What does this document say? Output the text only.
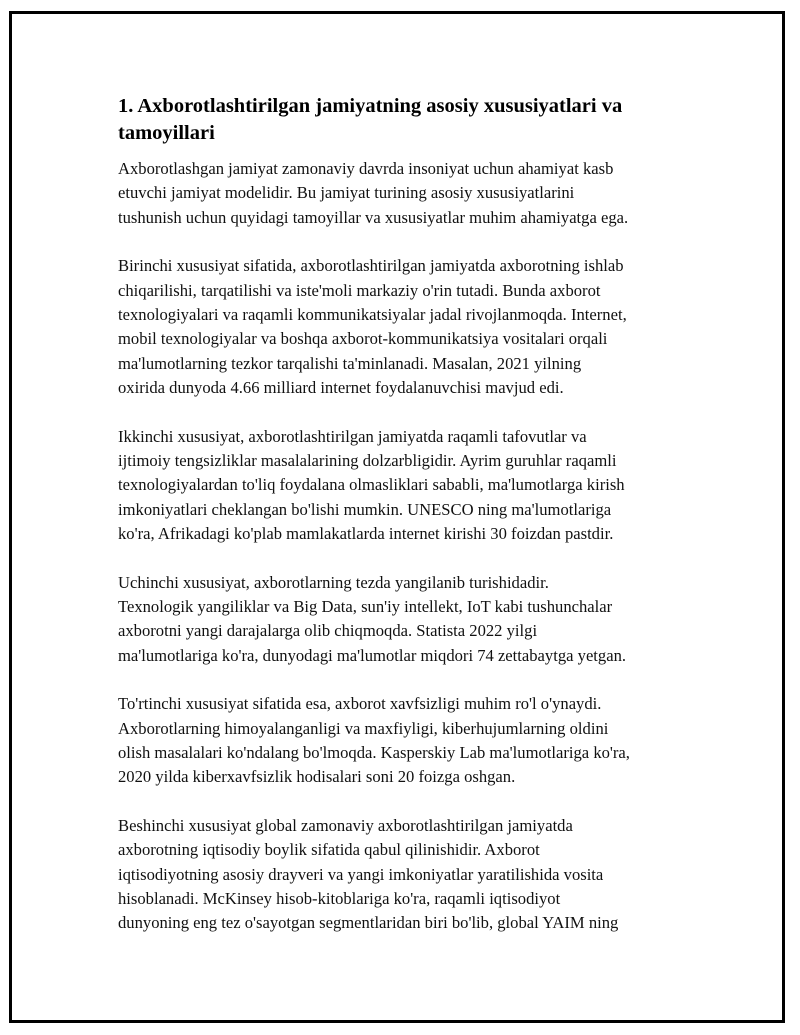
1. Axborotlashtirilgan jamiyatning asosiy xususiyatlari va
tamoyillari

Axborotlashgan jamiyat zamonaviy davrda insoniyat uchun ahamiyat kasb
etuvchi jamiyat modelidir. Bu jamiyat turining asosiy xususiyatlarini
tushunish uchun quyidagi tamoyillar va xususiyatlar muhim ahamiyatga ega.

Birinchi xususiyat sifatida, axborotlashtirilgan jamiyatda axborotning ishlab
chiqarilishi, tarqatilishi va iste'moli markaziy o'rin tutadi. Bunda axborot
texnologiyalari va raqamli kommunikatsiyalar jadal rivojlanmoqda. Internet,
mobil texnologiyalar va boshqa axborot-kommunikatsiya vositalari orqali
ma'lumotlarning tezkor tarqalishi ta'minlanadi. Masalan, 2021 yilning
oxirida dunyoda 4.66 milliard internet foydalanuvchisi mavjud edi.

Ikkinchi xususiyat, axborotlashtirilgan jamiyatda raqamli tafovutlar va
ijtimoiy tengsizliklar masalalarining dolzarbligidir. Ayrim guruhlar raqamli
texnologiyalardan to'liq foydalana olmasliklari sababli, ma'lumotlarga kirish
imkoniyatlari cheklangan bo'lishi mumkin. UNESCO ning ma'lumotlariga
ko'ra, Afrikadagi ko'plab mamlakatlarda internet kirishi 30 foizdan pastdir.

Uchinchi xususiyat, axborotlarning tezda yangilanib turishidadir.
Texnologik yangiliklar va Big Data, sun'iy intellekt, IoT kabi tushunchalar
axborotni yangi darajalarga olib chiqmoqda. Statista 2022 yilgi
ma'lumotlariga ko'ra, dunyodagi ma'lumotlar miqdori 74 zettabaytga yetgan.

To'rtinchi xususiyat sifatida esa, axborot xavfsizligi muhim ro'l o'ynaydi.
Axborotlarning himoyalanganligi va maxfiyligi, kiberhujumlarning oldini
olish masalalari ko'ndalang bo'lmoqda. Kasperskiy Lab ma'lumotlariga ko'ra,
2020 yilda kiberxavfsizlik hodisalari soni 20 foizga oshgan.

Beshinchi xususiyat global zamonaviy axborotlashtirilgan jamiyatda
axborotning iqtisodiy boylik sifatida qabul qilinishidir. Axborot
iqtisodiyotning asosiy drayveri va yangi imkoniyatlar yaratilishida vosita
hisoblanadi. McKinsey hisob-kitoblariga ko'ra, raqamli iqtisodiyot
dunyoning eng tez o'sayotgan segmentlaridan biri bo'lib, global YAIM ning
